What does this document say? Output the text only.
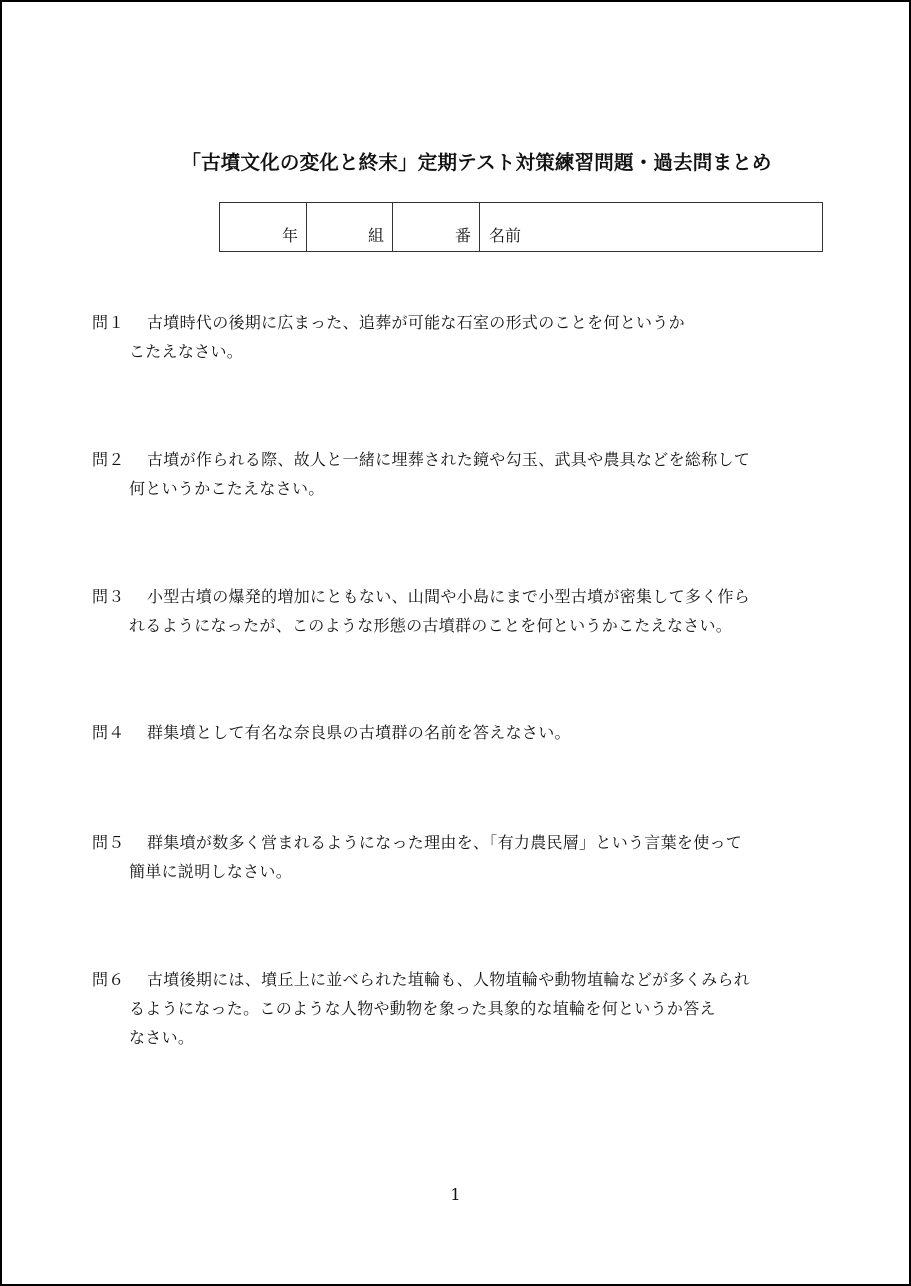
「古墳文化の変化と終末」定期テスト対策練習問題・過去問まとめ
年	組	番 名前
問１ 古墳時代の後期に広まった、追葬が可能な石室の形式のことを何というか
こたえなさい。
問２ 古墳が作られる際、故人と一緒に埋葬された鏡や勾玉、武具や農具などを総称して
何というかこたえなさい。
問３ 小型古墳の爆発的増加にともない、山間や小島にまで小型古墳が密集して多く作ら
れるようになったが、このような形態の古墳群のことを何というかこたえなさい。
問４ 群集墳として有名な奈良県の古墳群の名前を答えなさい。
問５ 群集墳が数多く営まれるようになった理由を、「有力農民層」という言葉を使って
簡単に説明しなさい。
問６ 古墳後期には、墳丘上に並べられた埴輪も、人物埴輪や動物埴輪などが多くみられ
るようになった。このような人物や動物を象った具象的な埴輪を何というか答え
なさい。
1
